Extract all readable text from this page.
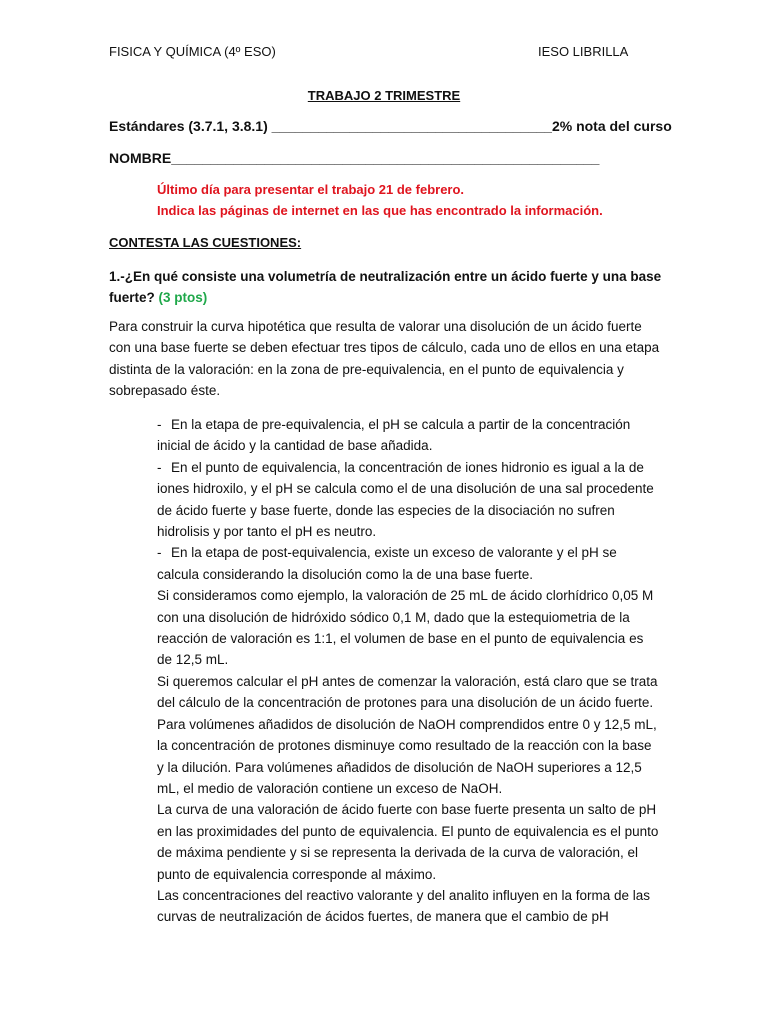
FISICA Y QUÍMICA (4º ESO)	IESO LIBRILLA
TRABAJO 2 TRIMESTRE
Estándares (3.7.1, 3.8.1) ____________________________________2% nota del curso
NOMBRE_______________________________________________________
Último día para presentar el trabajo 21 de febrero.
Indica las páginas de internet en las que has encontrado la información.
CONTESTA LAS CUESTIONES:
1.-¿En qué consiste una volumetría de neutralización entre un ácido fuerte y una base fuerte? (3 ptos)
Para construir la curva hipotética que resulta de valorar una disolución de un ácido fuerte con una base fuerte se deben efectuar tres tipos de cálculo, cada uno de ellos en una etapa distinta de la valoración: en la zona de pre-equivalencia, en el punto de equivalencia y sobrepasado éste.

- En la etapa de pre-equivalencia, el pH se calcula a partir de la concentración inicial de ácido y la cantidad de base añadida.

- En el punto de equivalencia, la concentración de iones hidronio es igual a la de iones hidroxilo, y el pH se calcula como el de una disolución de una sal procedente de ácido fuerte y base fuerte, donde las especies de la disociación no sufren hidrolisis y por tanto el pH es neutro.

- En la etapa de post-equivalencia, existe un exceso de valorante y el pH se calcula considerando la disolución como la de una base fuerte.

Si consideramos como ejemplo, la valoración de 25 mL de ácido clorhídrico 0,05 M con una disolución de hidróxido sódico 0,1 M, dado que la estequiometria de la reacción de valoración es 1:1, el volumen de base en el punto de equivalencia es de 12,5 mL.

Si queremos calcular el pH antes de comenzar la valoración, está claro que se trata del cálculo de la concentración de protones para una disolución de un ácido fuerte. Para volúmenes añadidos de disolución de NaOH comprendidos entre 0 y 12,5 mL, la concentración de protones disminuye como resultado de la reacción con la base y la dilución. Para volúmenes añadidos de disolución de NaOH superiores a 12,5 mL, el medio de valoración contiene un exceso de NaOH.

La curva de una valoración de ácido fuerte con base fuerte presenta un salto de pH en las proximidades del punto de equivalencia. El punto de equivalencia es el punto de máxima pendiente y si se representa la derivada de la curva de valoración, el punto de equivalencia corresponde al máximo.

Las concentraciones del reactivo valorante y del analito influyen en la forma de las curvas de neutralización de ácidos fuertes, de manera que el cambio de pH
